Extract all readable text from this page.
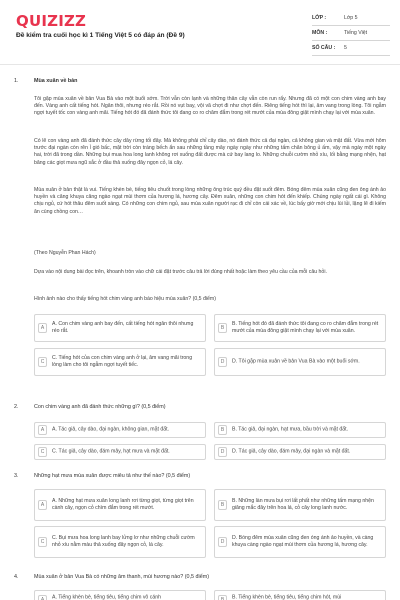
QUIZIZZ
Đề kiểm tra cuối học kì 1 Tiếng Việt 5 có đáp án (Đề 9)
LỚP :	Lớp 5
MÔN :	Tiếng Việt
SỐ CÂU :	5
1.	Mùa xuân về bản
Tôi gặp mùa xuân về bản Vua Bà vào một buổi sớm. Trời vẫn còn lạnh và những thân cây vẫn còn run rẩy. Nhưng đã có một con chim vàng anh bay đến. Vàng anh cất tiếng hót. Ngân thôi, nhưng réo rắt. Rồi nó vụt bay, vội vã chợt đi như chợt đến. Riêng tiếng hót thì lại, âm vang trong lòng. Tôi ngẫm ngợi tuyết tốc con vàng anh mãi. Tiếng hót đó đã đánh thức tôi đang co ro chăm đắm trong rét mướt của mùa đông giật mình chạy lại với mùa xuân.
Có lẽ con vàng anh đã đánh thức cây dây rừng tối đây. Mà không phải chỉ cây dào, nó đánh thức cả đại ngàn, cả không gian và mặt đất. Vừa mới hôm trước đại ngàn còn rên ỉ gió bấc, mặt trời còn tráng bếch ẩn sau những tầng mây ngày ngày như những tấm chăn bông ủ ấm, vậy mà ngày một ngày hai, trời đã trong dần. Những bụi mua hoa long lanh không rơi xuống đất được mà cứ bay lang lo. Những chuỗi cườm nhỏ xíu, lối bằng mạng nhện, hạt băng các giọt mưa ngũ sắc ở đầu thả xuống đây ngọn cỏ, lá cây.
Mùa xuân ở bản thật là vui. Tiếng khèn bè, tiếng tiêu chuốt trong lòng những ông trúc quý đều đặt suốt đêm. Bóng đêm mùa xuân cũng đen ông ánh ảo huyền và căng khuya căng ngào ngạt mùi thơm của hương lá, hương cây. Đêm xuân, những con chim hót đến khiếp. Chúng ngày ngất cái gì. Không chịu ngủ, cứ hót thâu đêm suốt sáng. Có những con chim ngủ, sau mùa xuân người rạc đi chỉ còn cái xác về, lúc bấy giờ mới chịu lùi lủi, lặng lẽ đi kiếm ăn cùng chồng con…
(Theo Nguyễn Phan Hách)
Dựa vào nội dung bài đọc trên, khoanh tròn vào chữ cái đặt trước câu trả lời đúng nhất hoặc làm theo yêu cầu của mỗi câu hỏi.
Hình ảnh nào cho thấy tiếng hót chim vàng anh báo hiệu mùa xuân? (0,5 điểm)
A
A. Con chim vàng anh bay đến, cất tiếng hót ngân thôi nhưng réo rắt.	B
B. Tiếng hót đó đã đánh thức tôi đang co ro chăm đắm trong rét mướt của mùa đông giật mình chạy lại với mùa xuân.
C
C. Tiếng hót của con chim vàng anh ở lại, âm vang mãi trong lòng làm cho tôi ngẫm ngợi tuyết tiếc.	D	D. Tôi gặp mùa xuân về bản Vua Bà vào một buổi sớm.
2.	Con chim vàng anh đã đánh thức những gì? (0,5 điểm)
A	A. Tác giả, cây dào, đại ngàn, không gian, mặt đất.	B	B. Tác giả, đại ngàn, hạt mưa, bầu trời và mặt đất.
C	C. Tác giả, cây dào, đám mây, hạt mưa và mặt đất.	D	D. Tác giả, cây dào, đám mây, đại ngàn và mặt đất.
3.	Những hạt mưa mùa xuân được miêu tả như thế nào? (0,5 điểm)
A
A. Những hạt mưa xuân long lanh rơi từng giọt, từng giọt trên cành cây, ngọn cỏ chìm đắm trong rét mướt.	B
B. Những làn mưa bụi rơi lất phất như những tấm mạng nhện giăng mắc đây trên hoa lá, cỏ cây long lanh nước.
C
C. Bụi mưa hoa long lanh bay lửng lơ như những chuỗi cườm nhỏ xíu nằm màu thả xuống đây ngọn cỏ, lá cây.	D
D. Bóng đêm mùa xuân cũng đen óng ánh ảo huyền, và càng khuya càng ngào ngạt mùi thơm của hương lá, hương cây.
4.	Mùa xuân ở bản Vua Bà có những âm thanh, mùi hương nào? (0,5 điểm)
A	A. Tiếng khèn bè, tiếng tiêu, tiếng chim vô cánh	B	B. Tiếng khèn bè, tiếng tiêu, tiếng chim hót, mùi
